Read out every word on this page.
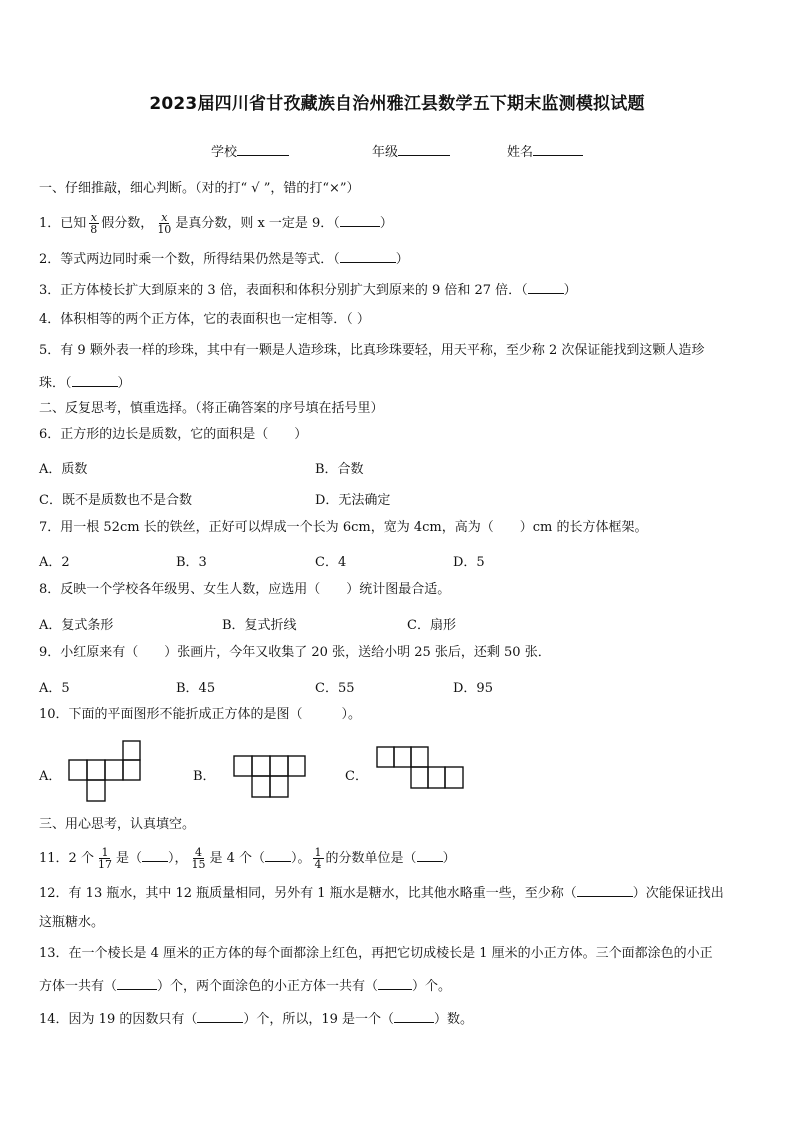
2023届四川省甘孜藏族自治州雅江县数学五下期末监测模拟试题
学校	年级	姓名
一、仔细推敲，细心判断。（对的打“ √ ”，错的打“×”）
1．已知 $\frac{x}{8}$ 假分数， $\frac{x}{10}$ 是真分数，则 x 一定是 9．（	）
2．等式两边同时乘一个数，所得结果仍然是等式．（	）
3．正方体棱长扩大到原来的 3 倍，表面积和体积分别扩大到原来的 9 倍和 27 倍．（	）
4．体积相等的两个正方体，它的表面积也一定相等．（ ）
5．有 9 颗外表一样的珍珠，其中有一颗是人造珍珠，比真珍珠要轻，用天平称，至少称 2 次保证能找到这颗人造珍
珠．（	）
二、反复思考，慎重选择。（将正确答案的序号填在括号里）
6．正方形的边长是质数，它的面积是（　　）
A．质数	B．合数
C．既不是质数也不是合数	D．无法确定
7．用一根 52cm 长的铁丝，正好可以焊成一个长为 6cm，宽为 4cm，高为（　　）cm 的长方体框架。
A．2	B．3	C．4	D．5
8．反映一个学校各年级男、女生人数，应选用（　　）统计图最合适。
A．复式条形	B．复式折线	C．扇形
9．小红原来有（　　）张画片，今年又收集了 20 张，送给小明 25 张后，还剩 50 张．
A．5	B．45	C．55	D．95
10．下面的平面图形不能折成正方体的是图（　　　）。
A．	B．	C．
三、用心思考，认真填空。
11．2 个 $\frac{1}{17}$ 是（ ）， $\frac{4}{15}$ 是 4 个（ ）。 $\frac{1}{4}$ 的分数单位是（ ）
12．有 13 瓶水，其中 12 瓶质量相同，另外有 1 瓶水是糖水，比其他水略重一些，至少称（	）次能保证找出
这瓶糖水。
13．在一个棱长是 4 厘米的正方体的每个面都涂上红色，再把它切成棱长是 1 厘米的小正方体。三个面都涂色的小正
方体一共有（	）个，两个面涂色的小正方体一共有（	）个。
14．因为 19 的因数只有（	）个，所以，19 是一个（	）数。
